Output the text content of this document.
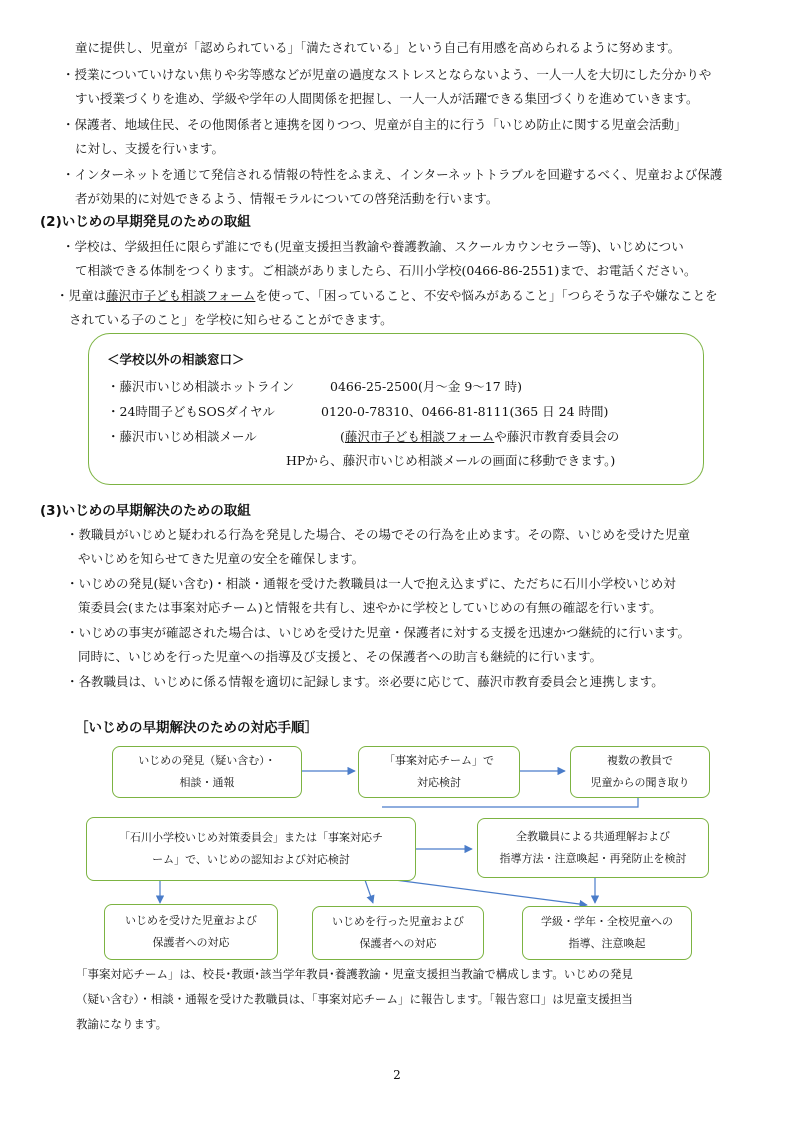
童に提供し、児童が「認められている」「満たされている」という自己有用感を高められるように努めます。
・授業についていけない焦りや劣等感などが児童の過度なストレスとならないよう、一人一人を大切にした分かりや
すい授業づくりを進め、学級や学年の人間関係を把握し、一人一人が活躍できる集団づくりを進めていきます。
・保護者、地域住民、その他関係者と連携を図りつつ、児童が自主的に行う「いじめ防止に関する児童会活動」
に対し、支援を行います。
・インターネットを通じて発信される情報の特性をふまえ、インターネットトラブルを回避するべく、児童および保護
者が効果的に対処できるよう、情報モラルについての啓発活動を行います。
(2)いじめの早期発見のための取組
・学校は、学級担任に限らず誰にでも(児童支援担当教諭や養護教諭、スクールカウンセラー等)、いじめについ
て相談できる体制をつくります。ご相談がありましたら、石川小学校(0466-86-2551)まで、お電話ください。
・児童は藤沢市子ども相談フォームを使って、「困っていること、不安や悩みがあること」「つらそうな子や嫌なことを
されている子のこと」を学校に知らせることができます。
＜学校以外の相談窓口＞
・藤沢市いじめ相談ホットライン	0466-25-2500(月～金 9～17 時)
・24時間子どもSOSダイヤル	0120-0-78310、0466-81-8111(365 日 24 時間)
・藤沢市いじめ相談メール	(藤沢市子ども相談フォームや藤沢市教育委員会の
HPから、藤沢市いじめ相談メールの画面に移動できます。)
(3)いじめの早期解決のための取組
・教職員がいじめと疑われる行為を発見した場合、その場でその行為を止めます。その際、いじめを受けた児童
やいじめを知らせてきた児童の安全を確保します。
・いじめの発見(疑い含む)・相談・通報を受けた教職員は一人で抱え込まずに、ただちに石川小学校いじめ対
策委員会(または事案対応チーム)と情報を共有し、速やかに学校としていじめの有無の確認を行います。
・いじめの事実が確認された場合は、いじめを受けた児童・保護者に対する支援を迅速かつ継続的に行います。
同時に、いじめを行った児童への指導及び支援と、その保護者への助言も継続的に行います。
・各教職員は、いじめに係る情報を適切に記録します。※必要に応じて、藤沢市教育委員会と連携します。
［いじめの早期解決のための対応手順］
いじめの発見（疑い含む）・
相談・通報
「事案対応チーム」で
対応検討
複数の教員で
児童からの聞き取り
「石川小学校いじめ対策委員会」または「事案対応チ
ーム」で、いじめの認知および対応検討
全教職員による共通理解および
指導方法・注意喚起・再発防止を検討
いじめを受けた児童および
保護者への対応
いじめを行った児童および
保護者への対応
学級・学年・全校児童への
指導、注意喚起
「事案対応チーム」は、校長･教頭･該当学年教員･養護教諭・児童支援担当教諭で構成します。いじめの発見
（疑い含む）・相談・通報を受けた教職員は、「事案対応チーム」に報告します。「報告窓口」は児童支援担当
教諭になります。
2
